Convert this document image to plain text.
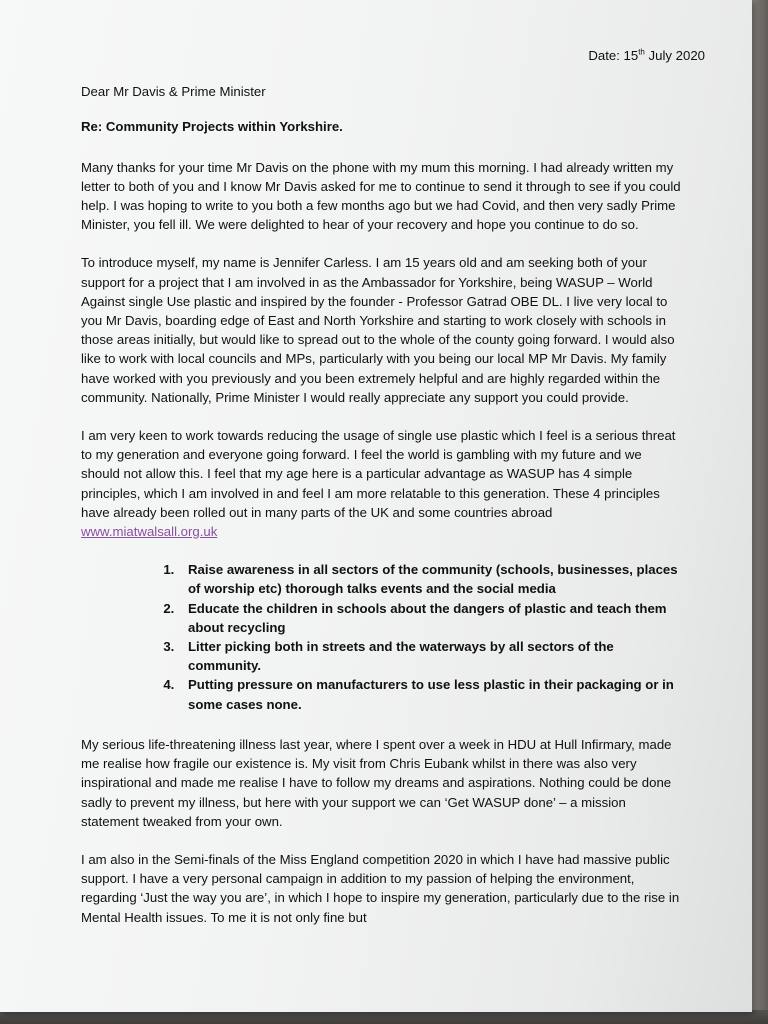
Date: 15th July 2020
Dear Mr Davis & Prime Minister
Re: Community Projects within Yorkshire.

Many thanks for your time Mr Davis on the phone with my mum this morning. I had already written my letter to both of you and I know Mr Davis asked for me to continue to send it through to see if you could help. I was hoping to write to you both a few months ago but we had Covid, and then very sadly Prime Minister, you fell ill. We were delighted to hear of your recovery and hope you continue to do so.

To introduce myself, my name is Jennifer Carless. I am 15 years old and am seeking both of your support for a project that I am involved in as the Ambassador for Yorkshire, being WASUP – World Against single Use plastic and inspired by the founder - Professor Gatrad OBE DL. I live very local to you Mr Davis, boarding edge of East and North Yorkshire and starting to work closely with schools in those areas initially, but would like to spread out to the whole of the county going forward. I would also like to work with local councils and MPs, particularly with you being our local MP Mr Davis. My family have worked with you previously and you been extremely helpful and are highly regarded within the community. Nationally, Prime Minister I would really appreciate any support you could provide.

I am very keen to work towards reducing the usage of single use plastic which I feel is a serious threat to my generation and everyone going forward. I feel the world is gambling with my future and we should not allow this. I feel that my age here is a particular advantage as WASUP has 4 simple principles, which I am involved in and feel I am more relatable to this generation. These 4 principles have already been rolled out in many parts of the UK and some countries abroad www.miatwalsall.org.uk

1. Raise awareness in all sectors of the community (schools, businesses, places of worship etc) thorough talks events and the social media
2. Educate the children in schools about the dangers of plastic and teach them about recycling
3. Litter picking both in streets and the waterways by all sectors of the community.
4. Putting pressure on manufacturers to use less plastic in their packaging or in some cases none.

My serious life-threatening illness last year, where I spent over a week in HDU at Hull Infirmary, made me realise how fragile our existence is. My visit from Chris Eubank whilst in there was also very inspirational and made me realise I have to follow my dreams and aspirations. Nothing could be done sadly to prevent my illness, but here with your support we can ‘Get WASUP done’ – a mission statement tweaked from your own.

I am also in the Semi-finals of the Miss England competition 2020 in which I have had massive public support. I have a very personal campaign in addition to my passion of helping the environment, regarding ‘Just the way you are’, in which I hope to inspire my generation, particularly due to the rise in Mental Health issues. To me it is not only fine but
